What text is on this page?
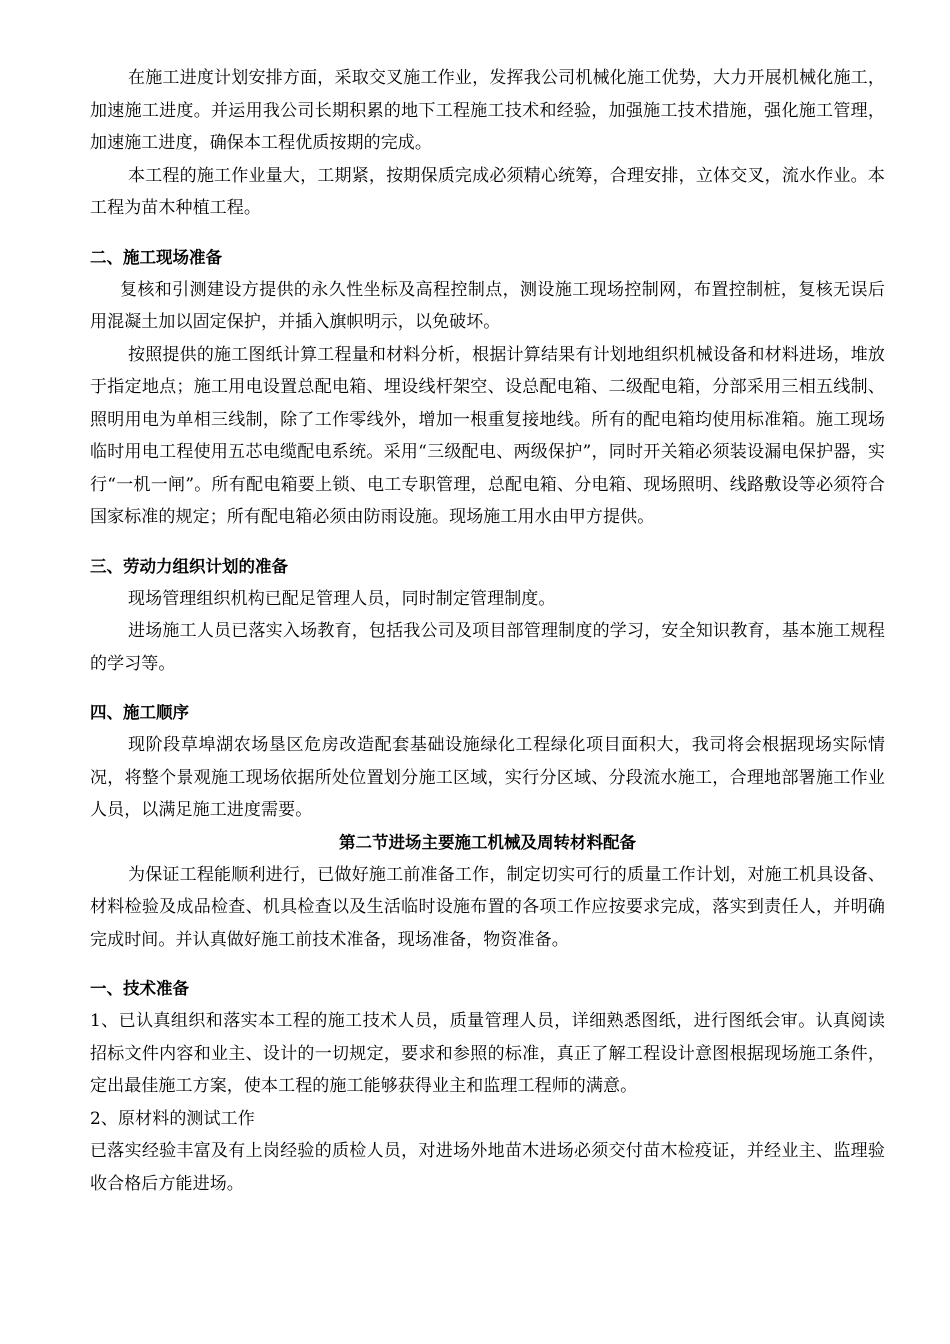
在施工进度计划安排方面，采取交叉施工作业，发挥我公司机械化施工优势，大力开展机械化施工，加速施工进度。并运用我公司长期积累的地下工程施工技术和经验，加强施工技术措施，强化施工管理，加速施工进度，确保本工程优质按期的完成。

本工程的施工作业量大，工期紧，按期保质完成必须精心统筹，合理安排，立体交叉，流水作业。本工程为苗木种植工程。

二、施工现场准备

复核和引测建设方提供的永久性坐标及高程控制点，测设施工现场控制网，布置控制桩，复核无误后用混凝土加以固定保护，并插入旗帜明示，以免破坏。

按照提供的施工图纸计算工程量和材料分析，根据计算结果有计划地组织机械设备和材料进场，堆放于指定地点；施工用电设置总配电箱、埋设线杆架空、设总配电箱、二级配电箱，分部采用三相五线制、照明用电为单相三线制，除了工作零线外，增加一根重复接地线。所有的配电箱均使用标准箱。施工现场临时用电工程使用五芯电缆配电系统。采用“三级配电、两级保护”，同时开关箱必须装设漏电保护器，实行“一机一闸”。所有配电箱要上锁、电工专职管理，总配电箱、分电箱、现场照明、线路敷设等必须符合国家标准的规定；所有配电箱必须由防雨设施。现场施工用水由甲方提供。

三、劳动力组织计划的准备

现场管理组织机构已配足管理人员，同时制定管理制度。

进场施工人员已落实入场教育，包括我公司及项目部管理制度的学习，安全知识教育，基本施工规程的学习等。

四、施工顺序

现阶段草埠湖农场垦区危房改造配套基础设施绿化工程绿化项目面积大，我司将会根据现场实际情况，将整个景观施工现场依据所处位置划分施工区域，实行分区域、分段流水施工，合理地部署施工作业人员，以满足施工进度需要。

第二节进场主要施工机械及周转材料配备

为保证工程能顺利进行，已做好施工前准备工作，制定切实可行的质量工作计划，对施工机具设备、材料检验及成品检查、机具检查以及生活临时设施布置的各项工作应按要求完成，落实到责任人，并明确完成时间。并认真做好施工前技术准备，现场准备，物资准备。

一、技术准备

1、已认真组织和落实本工程的施工技术人员，质量管理人员，详细熟悉图纸，进行图纸会审。认真阅读招标文件内容和业主、设计的一切规定，要求和参照的标准，真正了解工程设计意图根据现场施工条件，定出最佳施工方案，使本工程的施工能够获得业主和监理工程师的满意。

2、原材料的测试工作

已落实经验丰富及有上岗经验的质检人员，对进场外地苗木进场必须交付苗木检疫证，并经业主、监理验收合格后方能进场。
